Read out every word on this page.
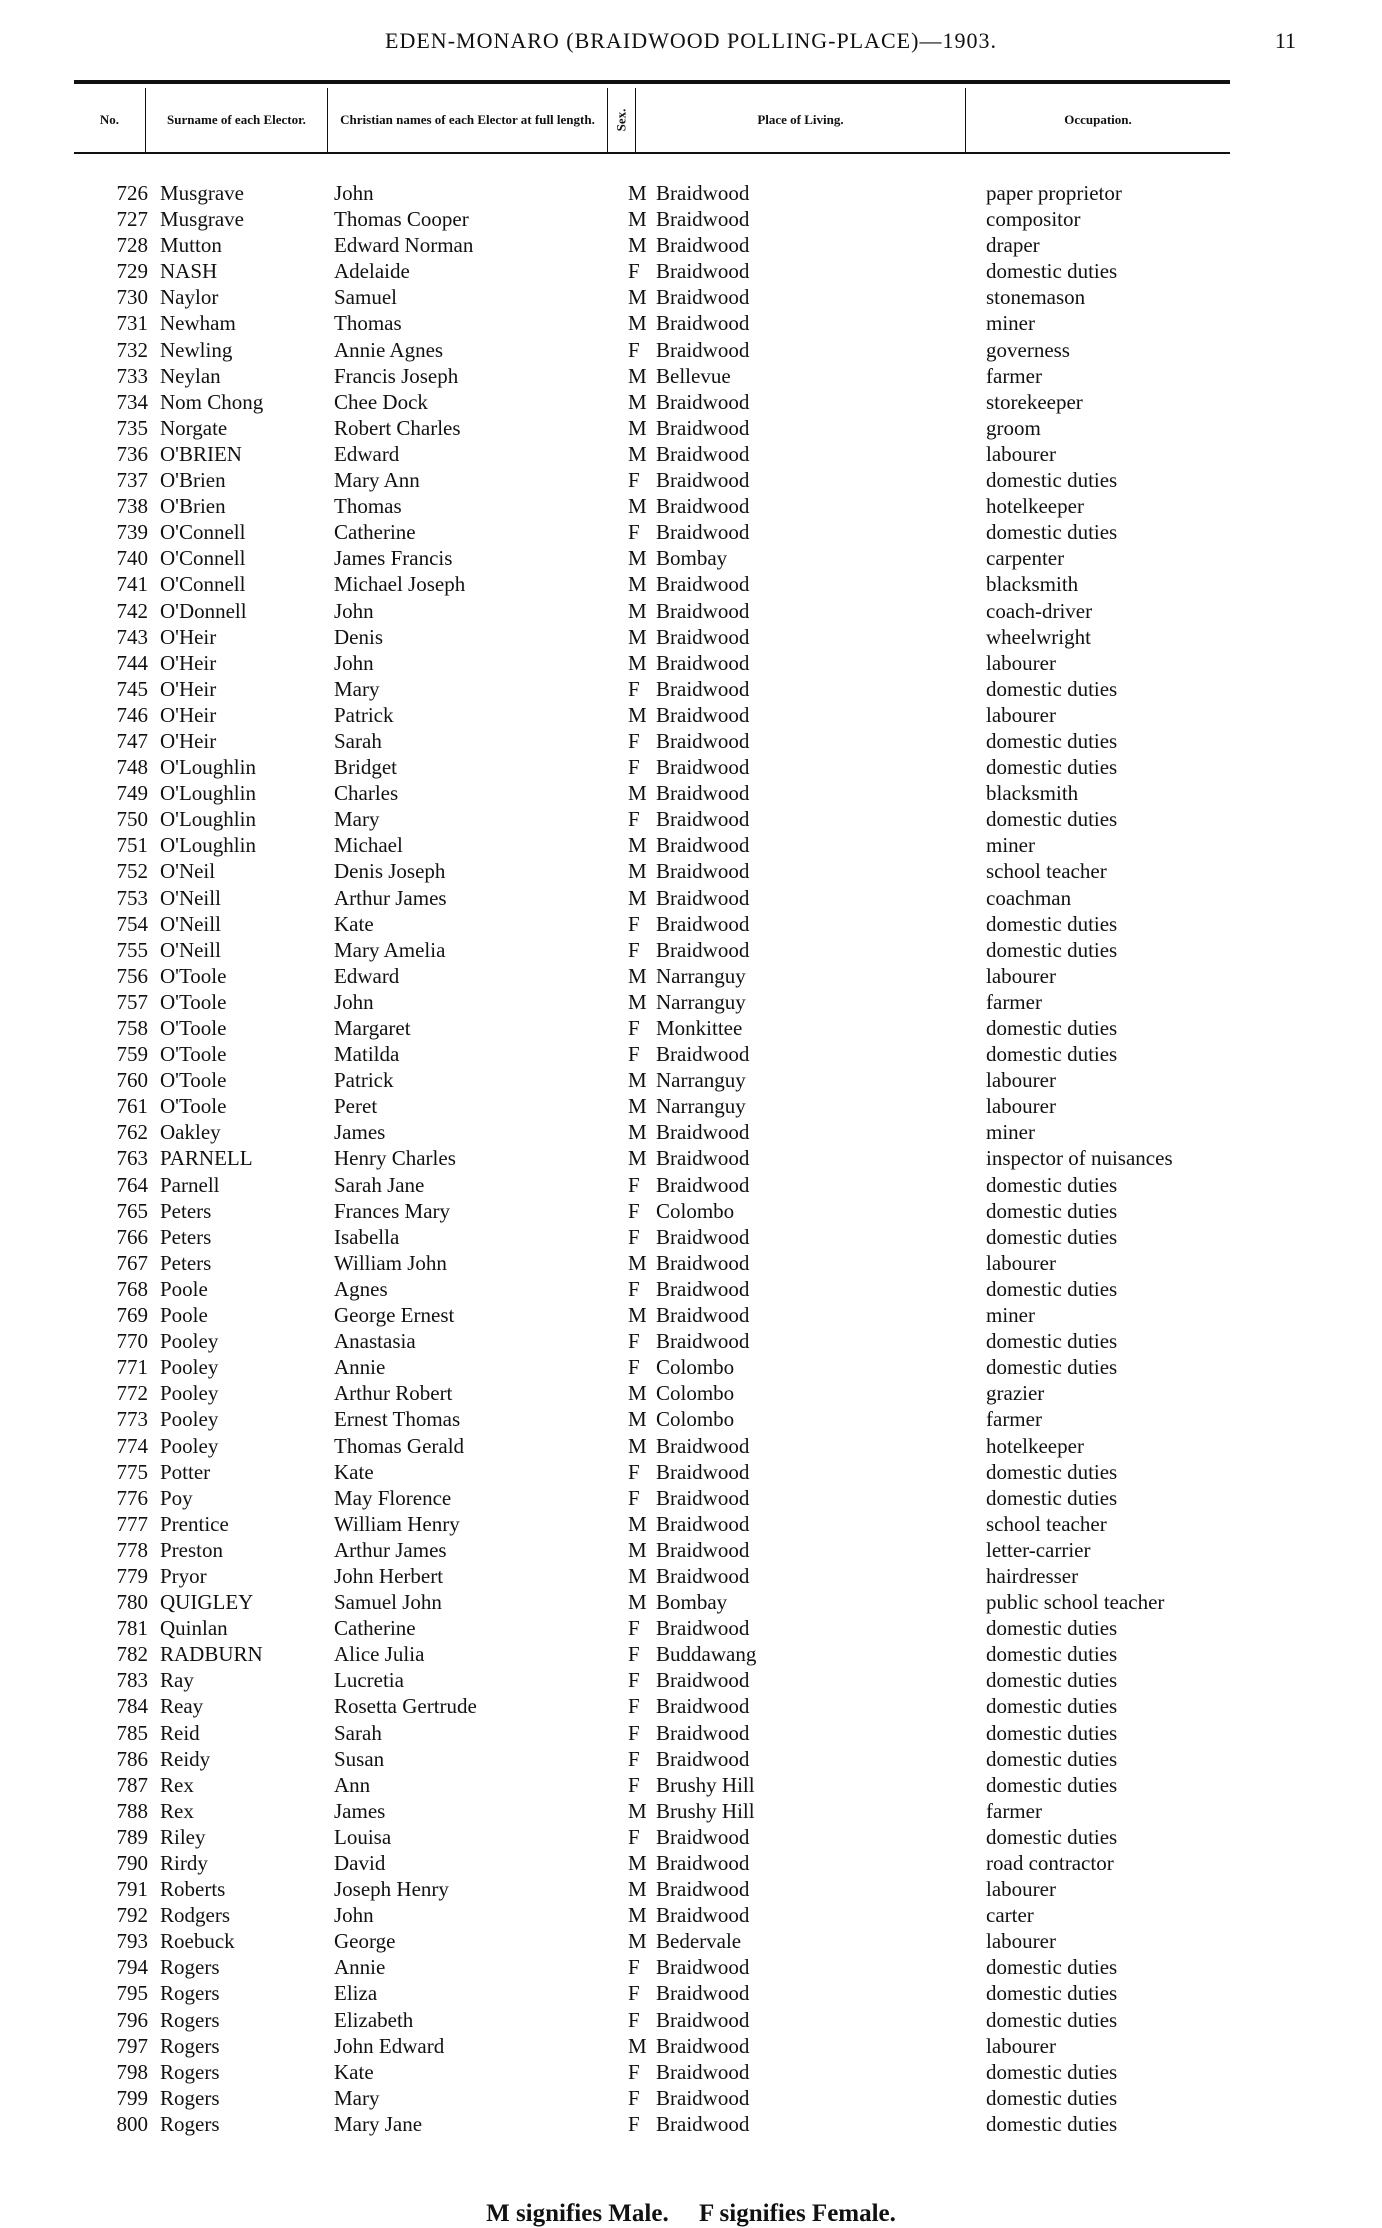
EDEN-MONARO (BRAIDWOOD POLLING-PLACE)—1903.	11
No.	Surname of each Elector.	Christian names of each Elector at full length.	Sex.	Place of Living.	Occupation.
726 Musgrave	John	M Braidwood	paper proprietor
727 Musgrave	Thomas Cooper	M Braidwood	compositor
728 Mutton	Edward Norman	M Braidwood	draper
729 NASH	Adelaide	F Braidwood	domestic duties
730 Naylor	Samuel	M Braidwood	stonemason
731 Newham	Thomas	M Braidwood	miner
732 Newling	Annie Agnes	F Braidwood	governess
733 Neylan	Francis Joseph	M Bellevue	farmer
734 Nom Chong	Chee Dock	M Braidwood	storekeeper
735 Norgate	Robert Charles	M Braidwood	groom
736 O'BRIEN	Edward	M Braidwood	labourer
737 O'Brien	Mary Ann	F Braidwood	domestic duties
738 O'Brien	Thomas	M Braidwood	hotelkeeper
739 O'Connell	Catherine	F Braidwood	domestic duties
740 O'Connell	James Francis	M Bombay	carpenter
741 O'Connell	Michael Joseph	M Braidwood	blacksmith
742 O'Donnell	John	M Braidwood	coach-driver
743 O'Heir	Denis	M Braidwood	wheelwright
744 O'Heir	John	M Braidwood	labourer
745 O'Heir	Mary	F Braidwood	domestic duties
746 O'Heir	Patrick	M Braidwood	labourer
747 O'Heir	Sarah	F Braidwood	domestic duties
748 O'Loughlin	Bridget	F Braidwood	domestic duties
749 O'Loughlin	Charles	M Braidwood	blacksmith
750 O'Loughlin	Mary	F Braidwood	domestic duties
751 O'Loughlin	Michael	M Braidwood	miner
752 O'Neil	Denis Joseph	M Braidwood	school teacher
753 O'Neill	Arthur James	M Braidwood	coachman
754 O'Neill	Kate	F Braidwood	domestic duties
755 O'Neill	Mary Amelia	F Braidwood	domestic duties
756 O'Toole	Edward	M Narranguy	labourer
757 O'Toole	John	M Narranguy	farmer
758 O'Toole	Margaret	F Monkittee	domestic duties
759 O'Toole	Matilda	F Braidwood	domestic duties
760 O'Toole	Patrick	M Narranguy	labourer
761 O'Toole	Peret	M Narranguy	labourer
762 Oakley	James	M Braidwood	miner
763 PARNELL	Henry Charles	M Braidwood	inspector of nuisances
764 Parnell	Sarah Jane	F Braidwood	domestic duties
765 Peters	Frances Mary	F Colombo	domestic duties
766 Peters	Isabella	F Braidwood	domestic duties
767 Peters	William John	M Braidwood	labourer
768 Poole	Agnes	F Braidwood	domestic duties
769 Poole	George Ernest	M Braidwood	miner
770 Pooley	Anastasia	F Braidwood	domestic duties
771 Pooley	Annie	F Colombo	domestic duties
772 Pooley	Arthur Robert	M Colombo	grazier
773 Pooley	Ernest Thomas	M Colombo	farmer
774 Pooley	Thomas Gerald	M Braidwood	hotelkeeper
775 Potter	Kate	F Braidwood	domestic duties
776 Poy	May Florence	F Braidwood	domestic duties
777 Prentice	William Henry	M Braidwood	school teacher
778 Preston	Arthur James	M Braidwood	letter-carrier
779 Pryor	John Herbert	M Braidwood	hairdresser
780 QUIGLEY	Samuel John	M Bombay	public school teacher
781 Quinlan	Catherine	F Braidwood	domestic duties
782 RADBURN	Alice Julia	F Buddawang	domestic duties
783 Ray	Lucretia	F Braidwood	domestic duties
784 Reay	Rosetta Gertrude	F Braidwood	domestic duties
785 Reid	Sarah	F Braidwood	domestic duties
786 Reidy	Susan	F Braidwood	domestic duties
787 Rex	Ann	F Brushy Hill	domestic duties
788 Rex	James	M Brushy Hill	farmer
789 Riley	Louisa	F Braidwood	domestic duties
790 Rirdy	David	M Braidwood	road contractor
791 Roberts	Joseph Henry	M Braidwood	labourer
792 Rodgers	John	M Braidwood	carter
793 Roebuck	George	M Bedervale	labourer
794 Rogers	Annie	F Braidwood	domestic duties
795 Rogers	Eliza	F Braidwood	domestic duties
796 Rogers	Elizabeth	F Braidwood	domestic duties
797 Rogers	John Edward	M Braidwood	labourer
798 Rogers	Kate	F Braidwood	domestic duties
799 Rogers	Mary	F Braidwood	domestic duties
800 Rogers	Mary Jane	F Braidwood	domestic duties
M signifies Male. F signifies Female.
